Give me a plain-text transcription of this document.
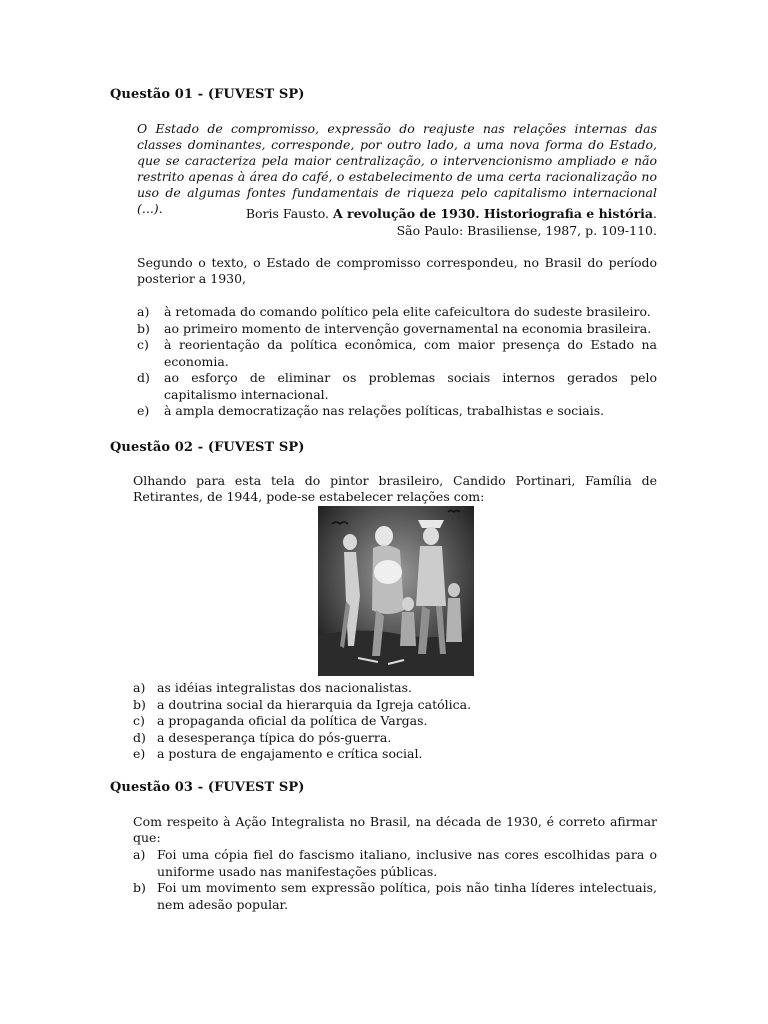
Questão 01 - (FUVEST SP)
O Estado de compromisso, expressão do reajuste nas relações internas das classes dominantes, corresponde, por outro lado, a uma nova forma do Estado, que se caracteriza pela maior centralização, o intervencionismo ampliado e não restrito apenas à área do café, o estabelecimento de uma certa racionalização no uso de algumas fontes fundamentais de riqueza pelo capitalismo internacional (...).	Boris Fausto. A revolução de 1930. Historiografia e história.
São Paulo: Brasiliense, 1987, p. 109-110.
Segundo o texto, o Estado de compromisso correspondeu, no Brasil do período posterior a 1930,
a)	à retomada do comando político pela elite cafeicultora do sudeste brasileiro.
b)	ao primeiro momento de intervenção governamental na economia brasileira.
c)	à reorientação da política econômica, com maior presença do Estado na economia.
d)	ao esforço de eliminar os problemas sociais internos gerados pelo capitalismo internacional.
e)	à ampla democratização nas relações políticas, trabalhistas e sociais.
Questão 02 - (FUVEST SP)
Olhando para esta tela do pintor brasileiro, Candido Portinari, Família de Retirantes, de 1944, pode-se estabelecer relações com:
a) as idéias integralistas dos nacionalistas.
b) a doutrina social da hierarquia da Igreja católica.
c) a propaganda oficial da política de Vargas.
d) a desesperança típica do pós-guerra.
e) a postura de engajamento e crítica social.
Questão 03 - (FUVEST SP)
Com respeito à Ação Integralista no Brasil, na década de 1930, é correto afirmar que:
a) Foi uma cópia fiel do fascismo italiano, inclusive nas cores escolhidas para o uniforme usado nas manifestações públicas.
b) Foi um movimento sem expressão política, pois não tinha líderes intelectuais, nem adesão popular.
